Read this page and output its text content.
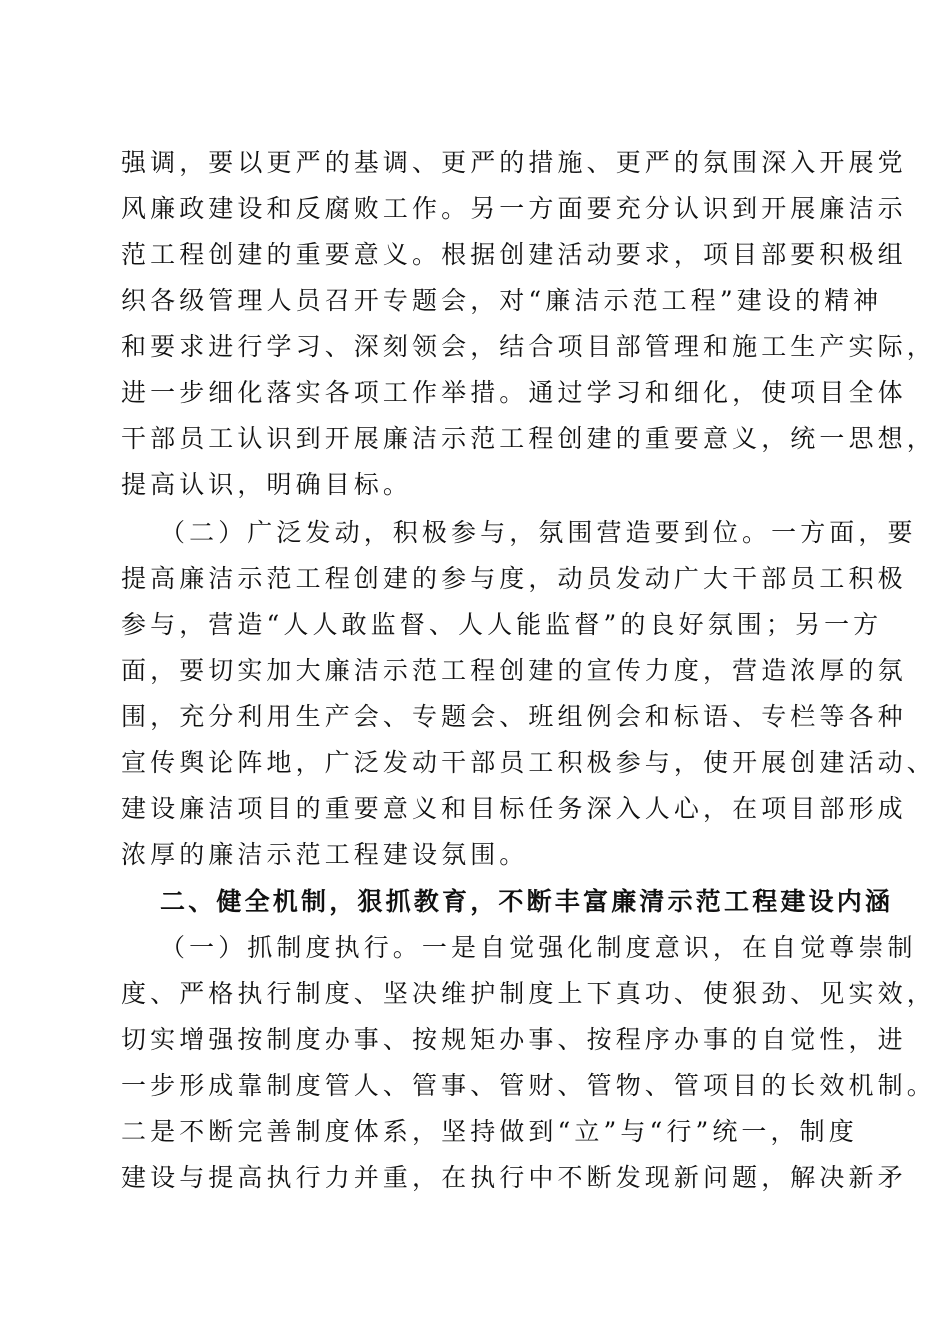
强调，要以更严的基调、更严的措施、更严的氛围深入开展党
风廉政建设和反腐败工作。另一方面要充分认识到开展廉洁示
范工程创建的重要意义。根据创建活动要求，项目部要积极组
织各级管理人员召开专题会，对“廉洁示范工程”建设的精神
和要求进行学习、深刻领会，结合项目部管理和施工生产实际，
进一步细化落实各项工作举措。通过学习和细化，使项目全体
干部员工认识到开展廉洁示范工程创建的重要意义，统一思想，
提高认识，明确目标。
（二）广泛发动，积极参与，氛围营造要到位。一方面，要
提高廉洁示范工程创建的参与度，动员发动广大干部员工积极
参与，营造“人人敢监督、人人能监督”的良好氛围；另一方
面，要切实加大廉洁示范工程创建的宣传力度，营造浓厚的氛
围，充分利用生产会、专题会、班组例会和标语、专栏等各种
宣传舆论阵地，广泛发动干部员工积极参与，使开展创建活动、
建设廉洁项目的重要意义和目标任务深入人心，在项目部形成
浓厚的廉洁示范工程建设氛围。
二、健全机制，狠抓教育，不断丰富廉清示范工程建设内涵
（一）抓制度执行。一是自觉强化制度意识，在自觉尊崇制
度、严格执行制度、坚决维护制度上下真功、使狠劲、见实效，
切实增强按制度办事、按规矩办事、按程序办事的自觉性，进
一步形成靠制度管人、管事、管财、管物、管项目的长效机制。
二是不断完善制度体系，坚持做到“立”与“行”统一，制度
建设与提高执行力并重，在执行中不断发现新问题，解决新矛
